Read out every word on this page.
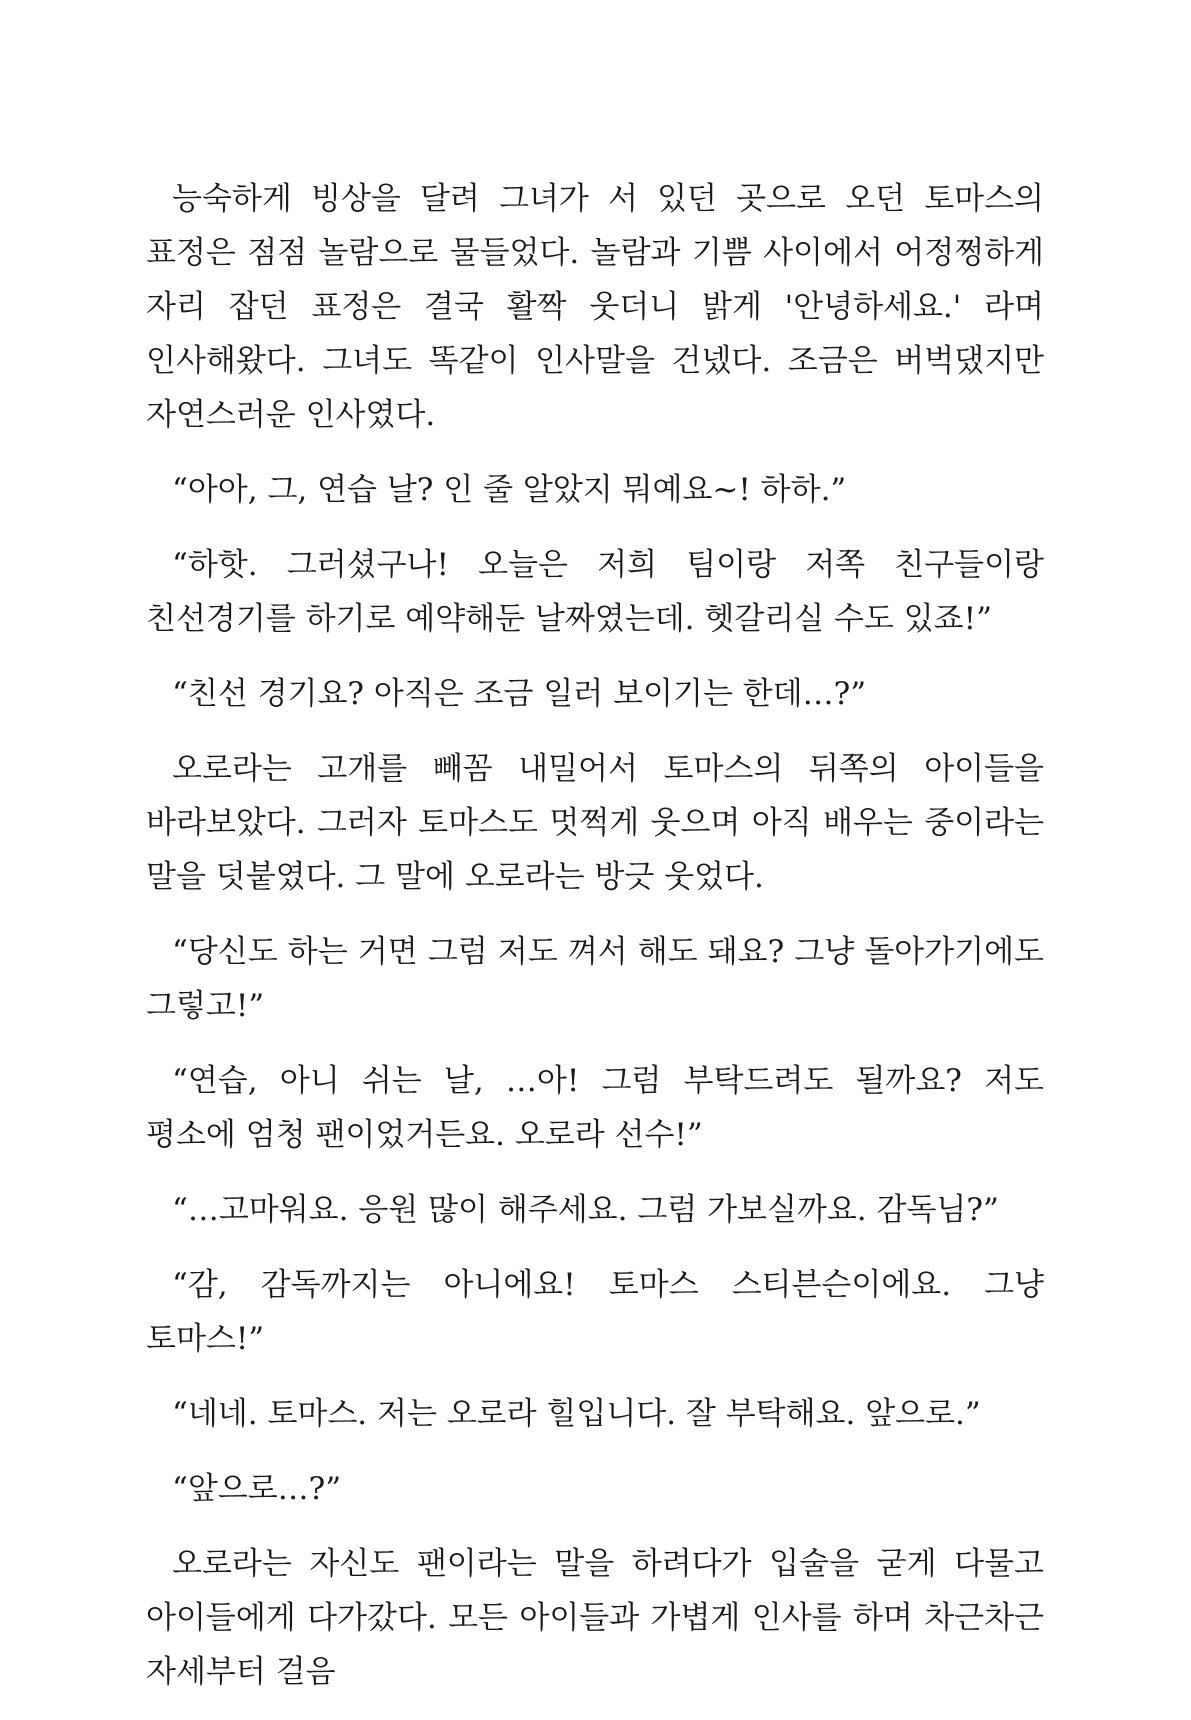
능숙하게 빙상을 달려 그녀가 서 있던 곳으로 오던 토마스의 표정은 점점 놀람으로 물들었다. 놀람과 기쁨 사이에서 어정쩡하게 자리 잡던 표정은 결국 활짝 웃더니 밝게 '안녕하세요.' 라며 인사해왔다. 그녀도 똑같이 인사말을 건넸다. 조금은 버벅댔지만 자연스러운 인사였다.

“아아, 그, 연습 날? 인 줄 알았지 뭐예요~! 하하.”

“하핫. 그러셨구나! 오늘은 저희 팀이랑 저쪽 친구들이랑 친선경기를 하기로 예약해둔 날짜였는데. 헷갈리실 수도 있죠!”

“친선 경기요? 아직은 조금 일러 보이기는 한데…?”

오로라는 고개를 빼꼼 내밀어서 토마스의 뒤쪽의 아이들을 바라보았다. 그러자 토마스도 멋쩍게 웃으며 아직 배우는 중이라는 말을 덧붙였다. 그 말에 오로라는 방긋 웃었다.

“당신도 하는 거면 그럼 저도 껴서 해도 돼요? 그냥 돌아가기에도 그렇고!”

“연습, 아니 쉬는 날, …아! 그럼 부탁드려도 될까요? 저도 평소에 엄청 팬이었거든요. 오로라 선수!”

“…고마워요. 응원 많이 해주세요. 그럼 가보실까요. 감독님?”

“감, 감독까지는 아니에요! 토마스 스티븐슨이에요. 그냥 토마스!”

“네네. 토마스. 저는 오로라 힐입니다. 잘 부탁해요. 앞으로.”

“앞으로…?”

오로라는 자신도 팬이라는 말을 하려다가 입술을 굳게 다물고 아이들에게 다가갔다. 모든 아이들과 가볍게 인사를 하며 차근차근 자세부터 걸음
